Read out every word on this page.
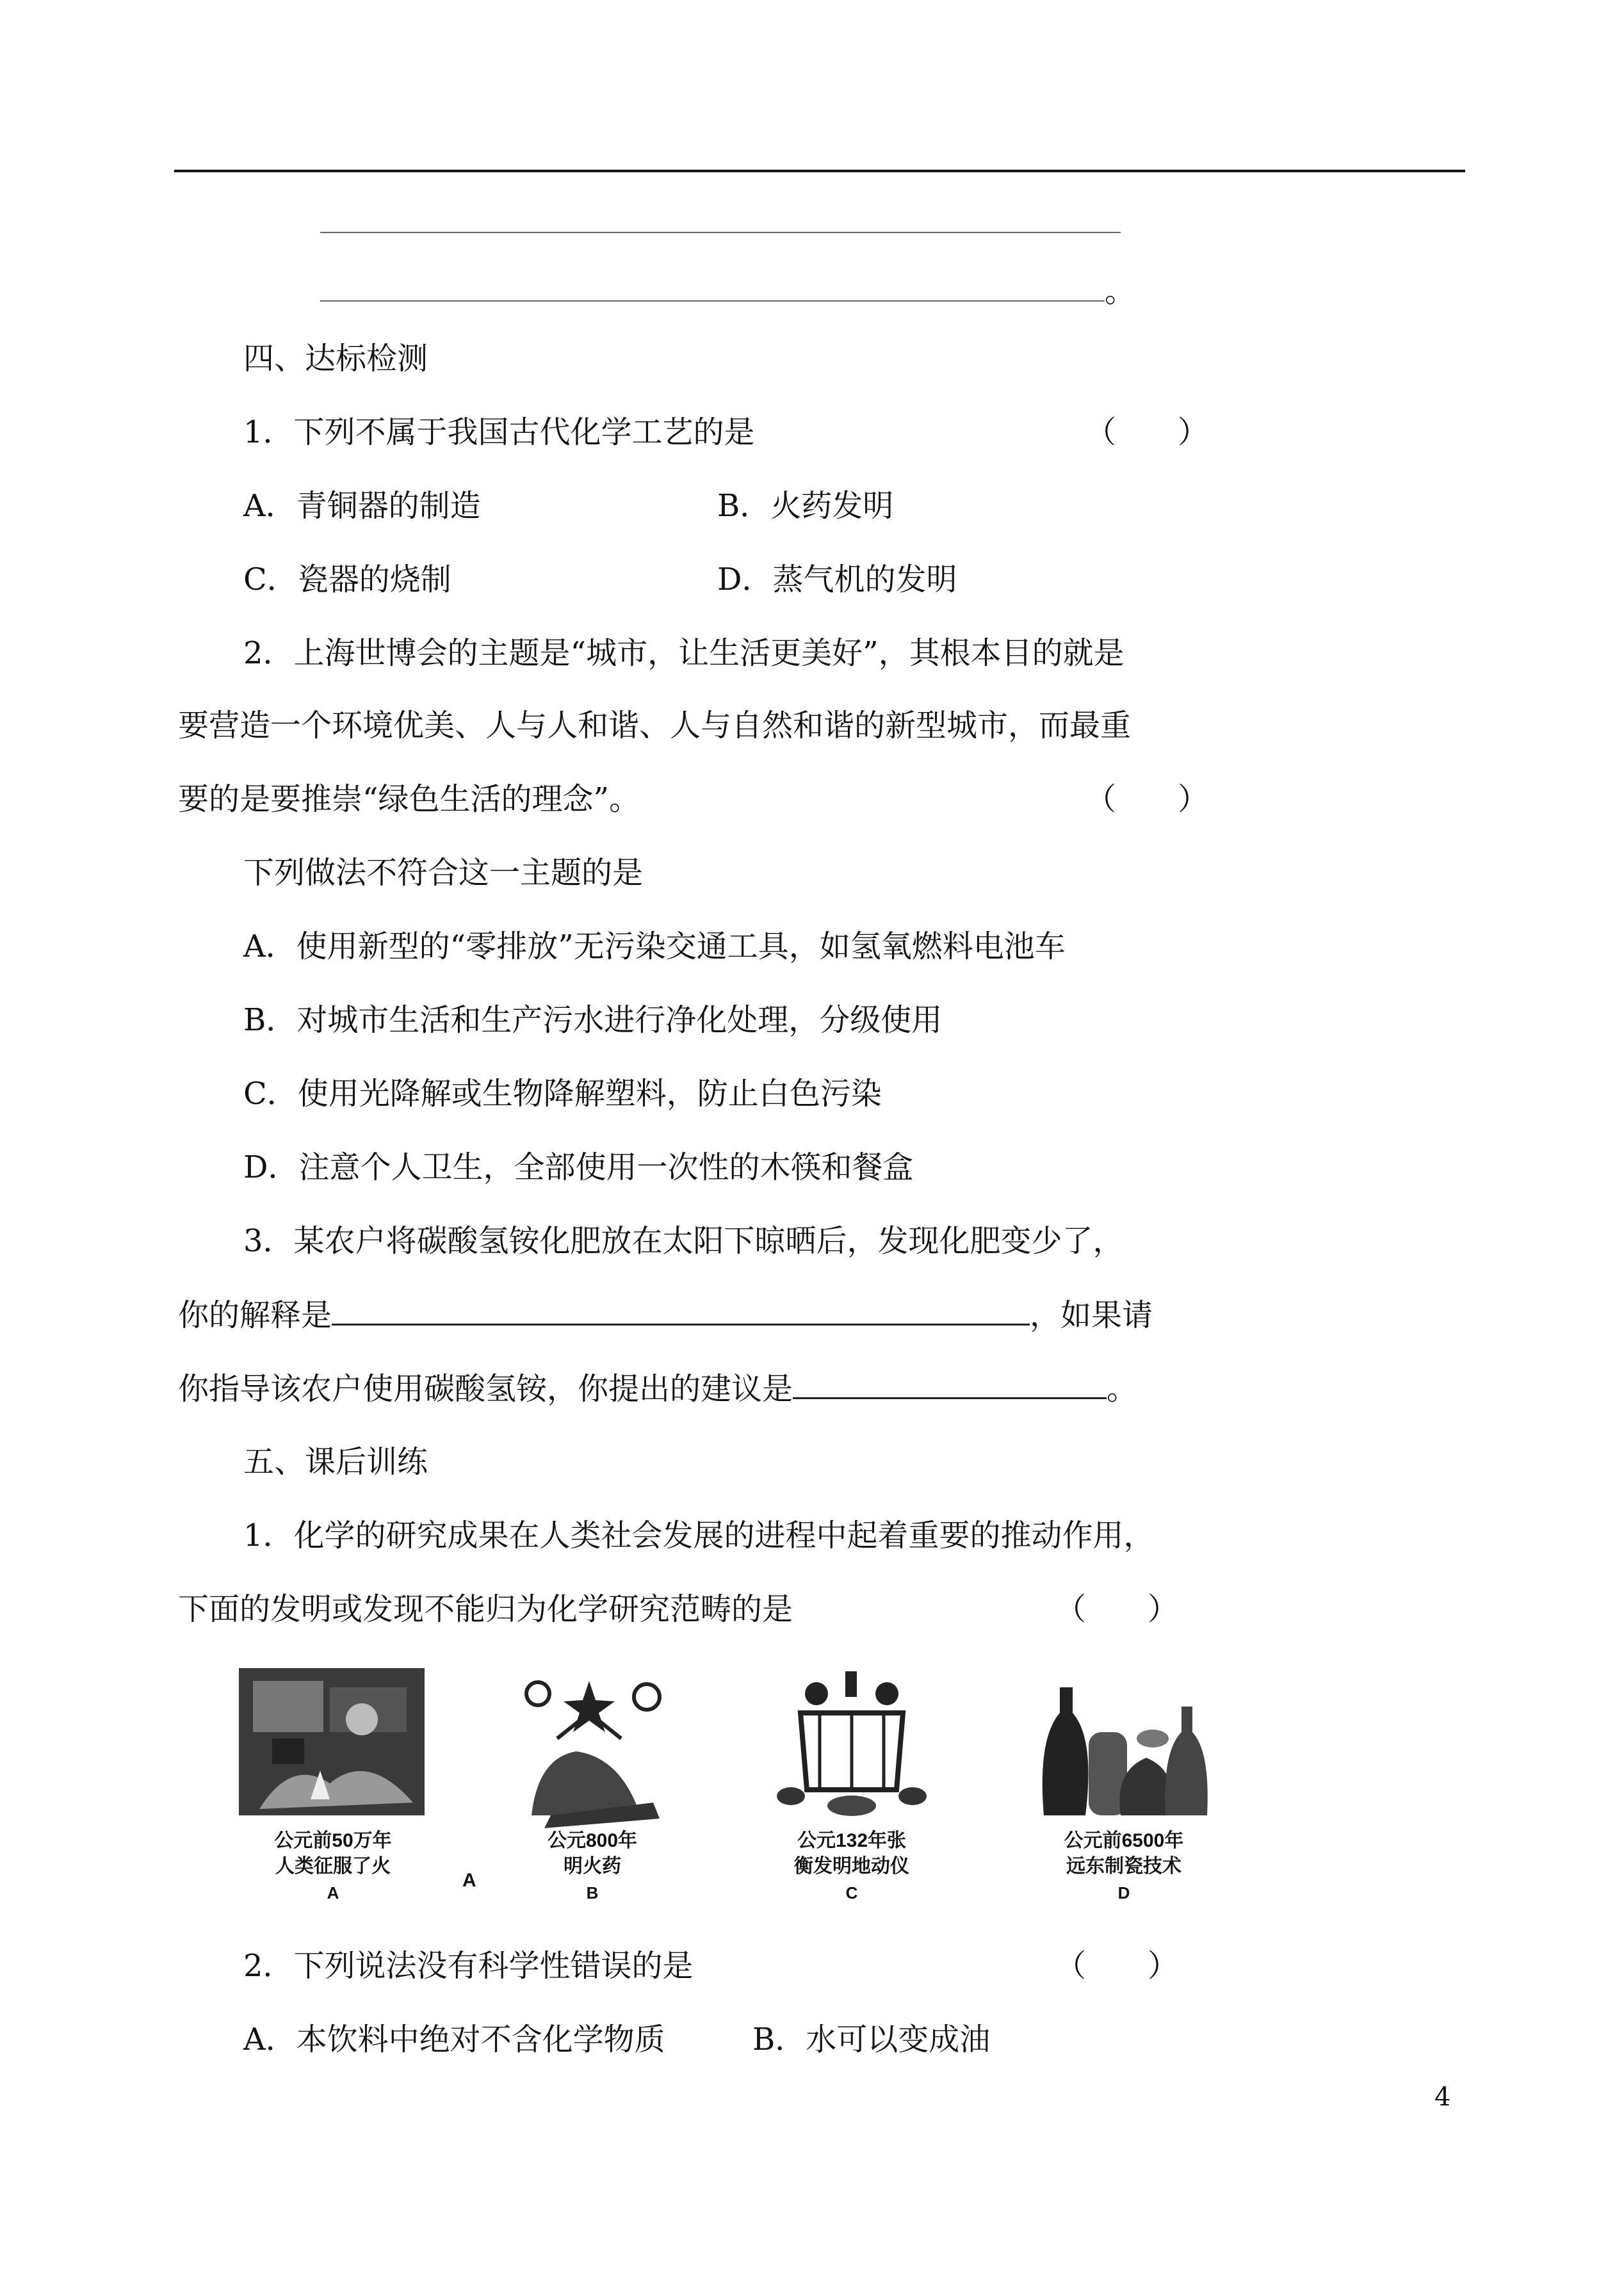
。
四、达标检测
1．下列不属于我国古代化学工艺的是	（　　）
A．青铜器的制造	B．火药发明
C．瓷器的烧制	D．蒸气机的发明
2．上海世博会的主题是“城市，让生活更美好”，其根本目的就是
要营造一个环境优美、人与人和谐、人与自然和谐的新型城市，而最重
要的是要推崇“绿色生活的理念”。	（　　）
下列做法不符合这一主题的是
A．使用新型的“零排放”无污染交通工具，如氢氧燃料电池车
B．对城市生活和生产污水进行净化处理，分级使用
C．使用光降解或生物降解塑料，防止白色污染
D．注意个人卫生，全部使用一次性的木筷和餐盒
3．某农户将碳酸氢铵化肥放在太阳下晾晒后，发现化肥变少了，
你的解释是	，如果请
你指导该农户使用碳酸氢铵，你提出的建议是	。
五、课后训练
1．化学的研究成果在人类社会发展的进程中起着重要的推动作用，
下面的发明或发现不能归为化学研究范畴的是	（　　）
公元前50万年
人类征服了火
A
公元800年
明火药
B
公元132年张
衡发明地动仪
C
公元前6500年
远东制瓷技术
D
A
2．下列说法没有科学性错误的是	（　　）
A．本饮料中绝对不含化学物质	B．水可以变成油
4
